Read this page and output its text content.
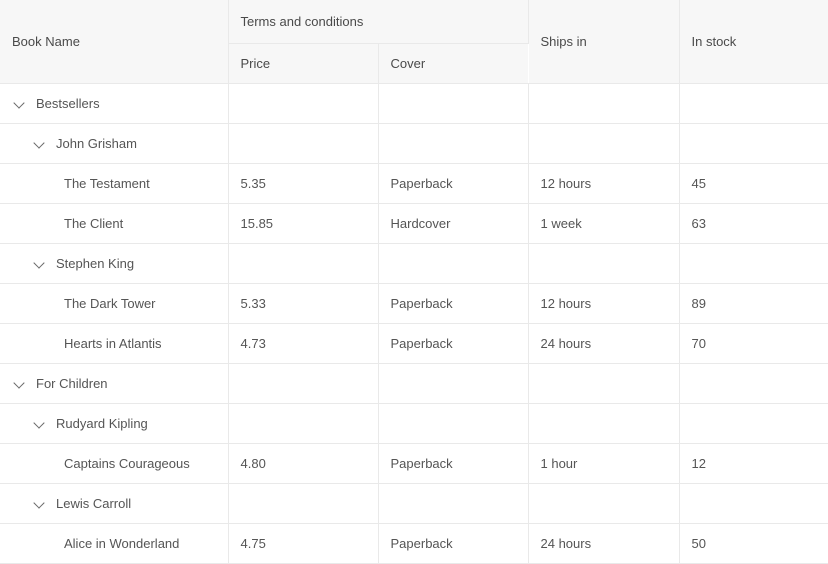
Book Name	Terms and conditions		Ships in	In stock
	Price	Cover		

Bestsellers				

John Grisham				

The Testament	5.35	Paperback	12 hours	45

The Client	15.85	Hardcover	1 week	63

Stephen King				

The Dark Tower	5.33	Paperback	12 hours	89

Hearts in Atlantis	4.73	Paperback	24 hours	70

For Children				

Rudyard Kipling				

Captains Courageous	4.80	Paperback	1 hour	12

Lewis Carroll				

Alice in Wonderland	4.75	Paperback	24 hours	50
